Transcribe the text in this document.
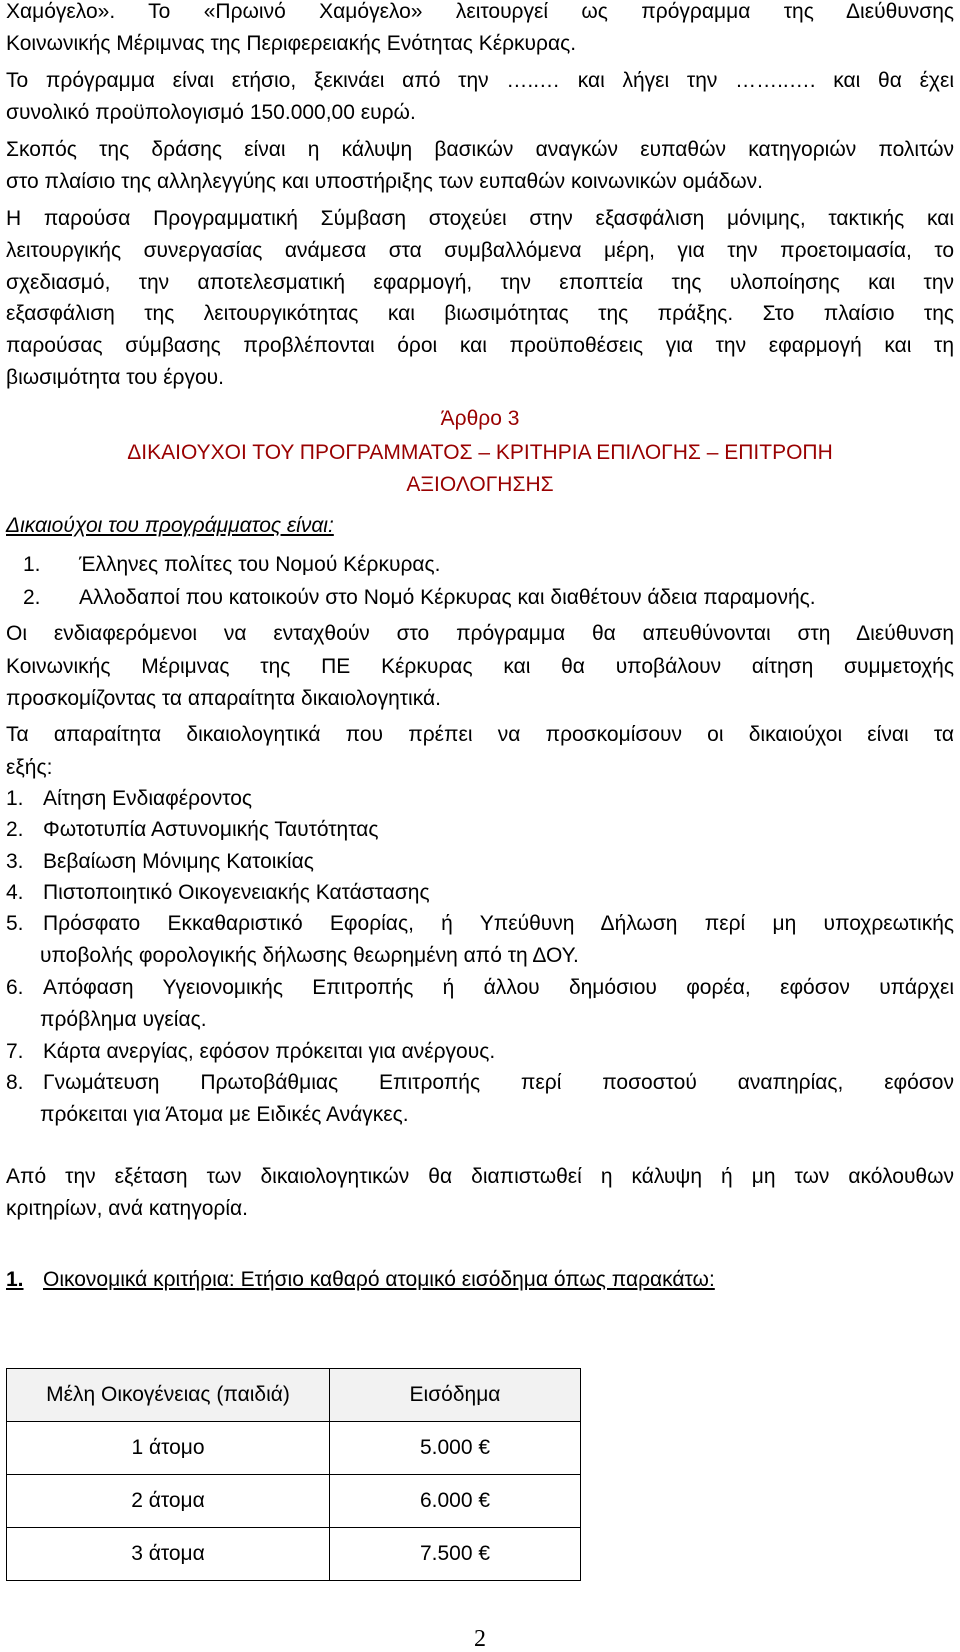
Χαμόγελο». Το «Πρωινό Χαμόγελο» λειτουργεί ως πρόγραμμα της Διεύθυνσης
Κοινωνικής Μέριμνας της Περιφερειακής Ενότητας Κέρκυρας.
Το πρόγραμμα είναι ετήσιο, ξεκινάει από την …..… και λήγει την ……..…. και θα έχει
συνολικό προϋπολογισμό 150.000,00 ευρώ.
Σκοπός της δράσης είναι η κάλυψη βασικών αναγκών ευπαθών κατηγοριών πολιτών
στο πλαίσιο της αλληλεγγύης και υποστήριξης των ευπαθών κοινωνικών ομάδων.
Η παρούσα Προγραμματική Σύμβαση στοχεύει στην εξασφάλιση μόνιμης, τακτικής και
λειτουργικής συνεργασίας ανάμεσα στα συμβαλλόμενα μέρη, για την προετοιμασία, το
σχεδιασμό, την αποτελεσματική εφαρμογή, την εποπτεία της υλοποίησης και την
εξασφάλιση της λειτουργικότητας και βιωσιμότητας της πράξης. Στο πλαίσιο της
παρούσας σύμβασης προβλέπονται όροι και προϋποθέσεις για την εφαρμογή και τη
βιωσιμότητα του έργου.
Άρθρο 3
ΔΙΚΑΙΟΥΧΟΙ ΤΟΥ ΠΡΟΓΡΑΜΜΑΤΟΣ – ΚΡΙΤΗΡΙΑ ΕΠΙΛΟΓΗΣ – ΕΠΙΤΡΟΠΗ
ΑΞΙΟΛΟΓΗΣΗΣ
Δικαιούχοι του προγράμματος είναι:
1. Έλληνες πολίτες του Νομού Κέρκυρας.
2. Αλλοδαποί που κατοικούν στο Νομό Κέρκυρας και διαθέτουν άδεια παραμονής.
Οι ενδιαφερόμενοι να ενταχθούν στο πρόγραμμα θα απευθύνονται στη Διεύθυνση
Κοινωνικής Μέριμνας της ΠΕ Κέρκυρας και θα υποβάλουν αίτηση συμμετοχής
προσκομίζοντας τα απαραίτητα δικαιολογητικά.
Τα απαραίτητα δικαιολογητικά που πρέπει να προσκομίσουν οι δικαιούχοι είναι τα
εξής:
1. Αίτηση Ενδιαφέροντος
2. Φωτοτυπία Αστυνομικής Ταυτότητας
3. Βεβαίωση Μόνιμης Κατοικίας
4. Πιστοποιητικό Οικογενειακής Κατάστασης
5. Πρόσφατο Εκκαθαριστικό Εφορίας, ή Υπεύθυνη Δήλωση περί μη υποχρεωτικής
υποβολής φορολογικής δήλωσης θεωρημένη από τη ΔΟΥ.
6. Απόφαση Υγειονομικής Επιτροπής ή άλλου δημόσιου φορέα, εφόσον υπάρχει
πρόβλημα υγείας.
7. Κάρτα ανεργίας, εφόσον πρόκειται για ανέργους.
8. Γνωμάτευση Πρωτοβάθμιας Επιτροπής περί ποσοστού αναπηρίας, εφόσον
πρόκειται για Άτομα με Ειδικές Ανάγκες.
Από την εξέταση των δικαιολογητικών θα διαπιστωθεί η κάλυψη ή μη των ακόλουθων
κριτηρίων, ανά κατηγορία.
1. Οικονομικά κριτήρια: Ετήσιο καθαρό ατομικό εισόδημα όπως παρακάτω:
Μέλη Οικογένειας (παιδιά)	Εισόδημα
1 άτομο	5.000 €
2 άτομα	6.000 €
3 άτομα	7.500 €
2
